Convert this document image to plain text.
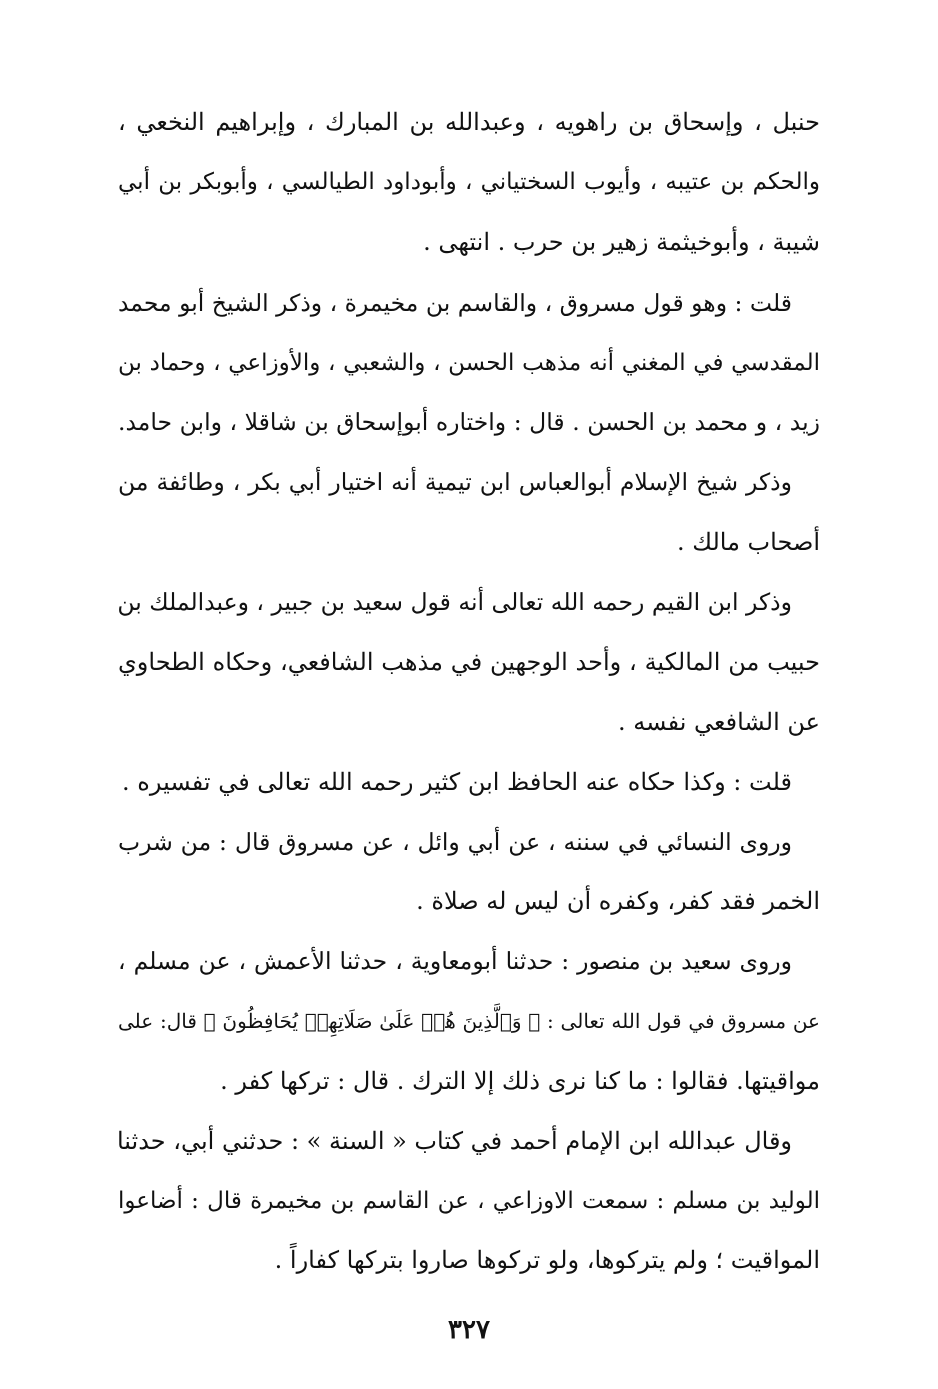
حنبل ، وإسحاق بن راهويه ، وعبدالله بن المبارك ، وإبراهيم النخعي ،
والحكم بن عتيبه ، وأيوب السختياني ، وأبوداود الطيالسي ، وأبوبكر بن أبي
شيبة ، وأبوخيثمة زهير بن حرب . انتهى .
قلت : وهو قول مسروق ، والقاسم بن مخيمرة ، وذكر الشيخ أبو محمد
المقدسي في المغني أنه مذهب الحسن ، والشعبي ، والأوزاعي ، وحماد بن
زيد ، و محمد بن الحسن . قال : واختاره أبوإسحاق بن شاقلا ، وابن حامد.
وذكر شيخ الإسلام أبوالعباس ابن تيمية أنه اختيار أبي بكر ، وطائفة من
أصحاب مالك .
وذكر ابن القيم رحمه الله تعالى أنه قول سعيد بن جبير ، وعبدالملك بن
حبيب من المالكية ، وأحد الوجهين في مذهب الشافعي، وحكاه الطحاوي
عن الشافعي نفسه .
قلت : وكذا حكاه عنه الحافظ ابن كثير رحمه الله تعالى في تفسيره .
وروى النسائي في سننه ، عن أبي وائل ، عن مسروق قال : من شرب
الخمر فقد كفر، وكفره أن ليس له صلاة .
وروى سعيد بن منصور : حدثنا أبومعاوية ، حدثنا الأعمش ، عن مسلم ،
عن مسروق في قول الله تعالى : ﴿ وَٱلَّذِينَ هُمۡ عَلَىٰ صَلَاتِهِمۡ يُحَافِظُونَ ﴾ قال: على
مواقيتها. فقالوا : ما كنا نرى ذلك إلا الترك . قال : تركها كفر .
وقال عبدالله ابن الإمام أحمد في كتاب « السنة » : حدثني أبي، حدثنا
الوليد بن مسلم : سمعت الاوزاعي ، عن القاسم بن مخيمرة قال : أضاعوا
المواقيت ؛ ولم يتركوها، ولو تركوها صاروا بتركها كفاراً .
٣٢٧
